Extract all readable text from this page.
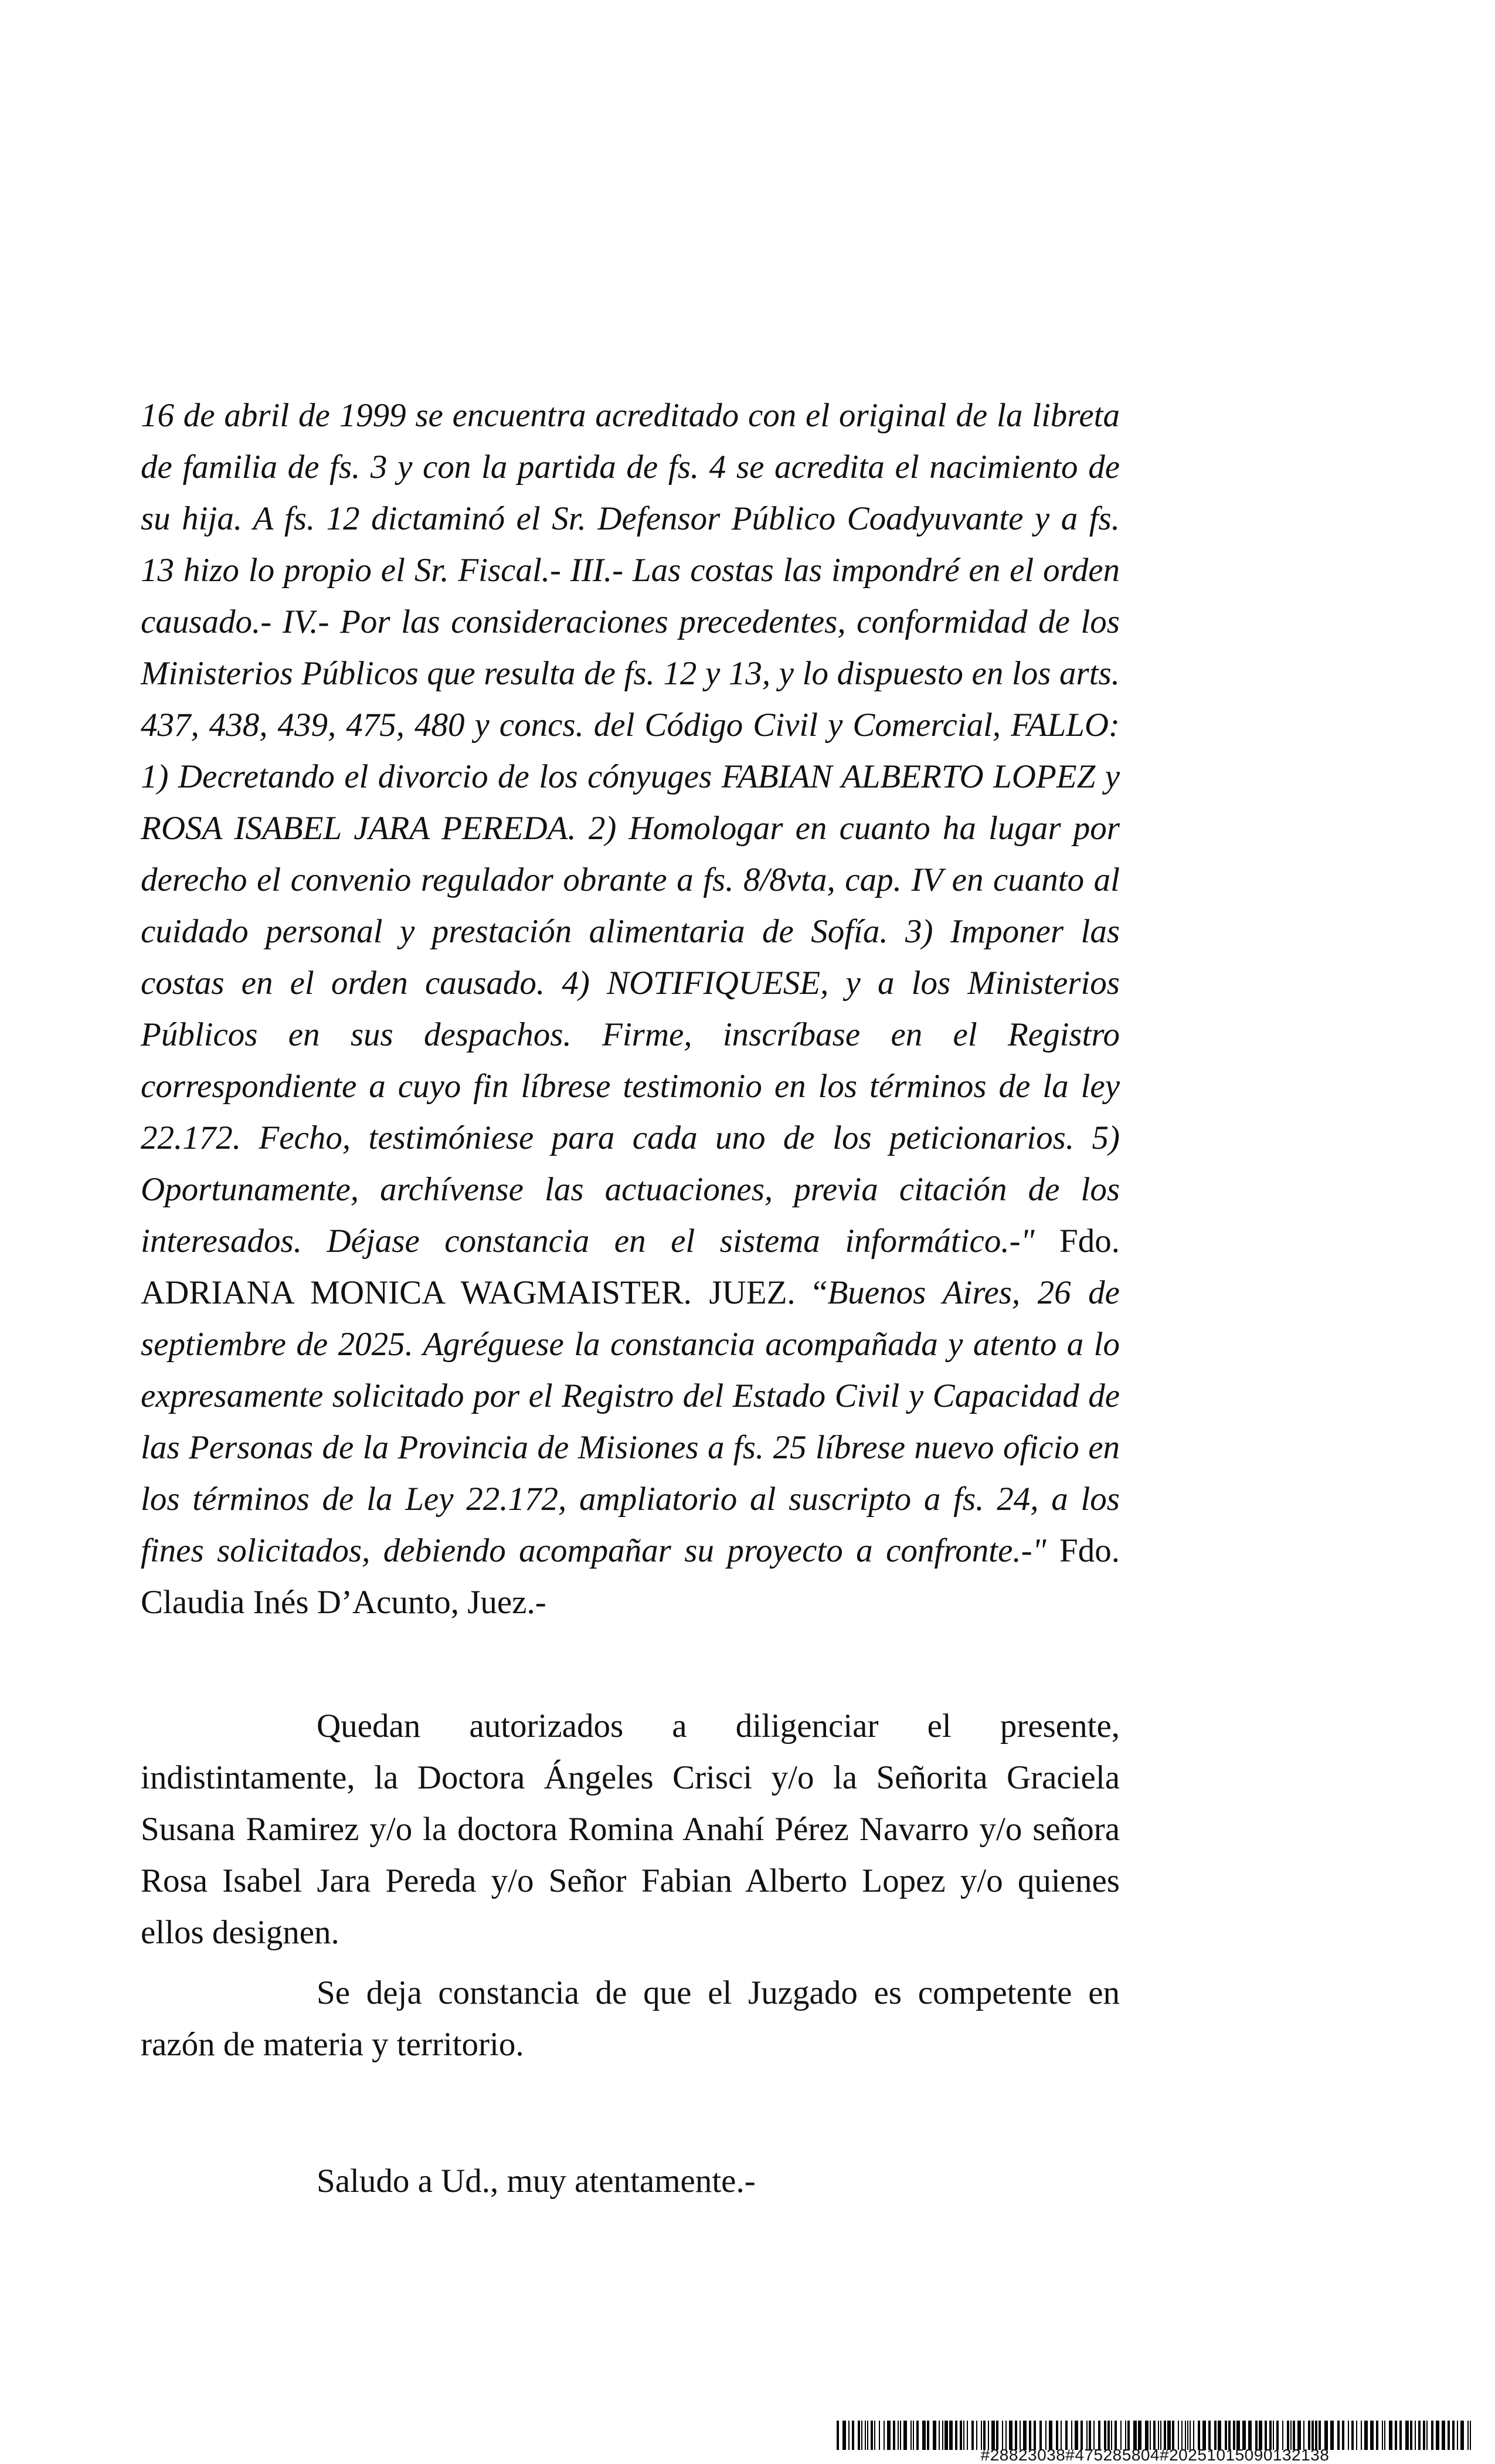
16 de abril de 1999 se encuentra acreditado con el original de la libreta de familia de fs. 3 y con la partida de fs. 4 se acredita el nacimiento de su hija. A fs. 12 dictaminó el Sr. Defensor Público Coadyuvante y a fs. 13 hizo lo propio el Sr. Fiscal.- III.- Las costas las impondré en el orden causado.- IV.- Por las consideraciones precedentes, conformidad de los Ministerios Públicos que resulta de fs. 12 y 13, y lo dispuesto en los arts. 437, 438, 439, 475, 480 y concs. del Código Civil y Comercial, FALLO: 1) Decretando el divorcio de los cónyuges FABIAN ALBERTO LOPEZ y ROSA ISABEL JARA PEREDA. 2) Homologar en cuanto ha lugar por derecho el convenio regulador obrante a fs. 8/8vta, cap. IV en cuanto al cuidado personal y prestación alimentaria de Sofía. 3) Imponer las costas en el orden causado. 4) NOTIFIQUESE, y a los Ministerios Públicos en sus despachos. Firme, inscríbase en el Registro correspondiente a cuyo fin líbrese testimonio en los términos de la ley 22.172. Fecho, testimóniese para cada uno de los peticionarios. 5) Oportunamente, archívense las actuaciones, previa citación de los interesados. Déjase constancia en el sistema informático.-" Fdo. ADRIANA MONICA WAGMAISTER. JUEZ. “Buenos Aires, 26 de septiembre de 2025. Agréguese la constancia acompañada y atento a lo expresamente solicitado por el Registro del Estado Civil y Capacidad de las Personas de la Provincia de Misiones a fs. 25 líbrese nuevo oficio en los términos de la Ley 22.172, ampliatorio al suscripto a fs. 24, a los fines solicitados, debiendo acompañar su proyecto a confronte.-" Fdo. Claudia Inés D’Acunto, Juez.-

Quedan autorizados a diligenciar el presente, indistintamente, la Doctora Ángeles Crisci y/o la Señorita Graciela Susana Ramirez y/o la doctora Romina Anahí Pérez Navarro y/o señora Rosa Isabel Jara Pereda y/o Señor Fabian Alberto Lopez y/o quienes ellos designen.

Se deja constancia de que el Juzgado es competente en razón de materia y territorio.

Saludo a Ud., muy atentamente.-
#28823038#475285804#20251015090132138
